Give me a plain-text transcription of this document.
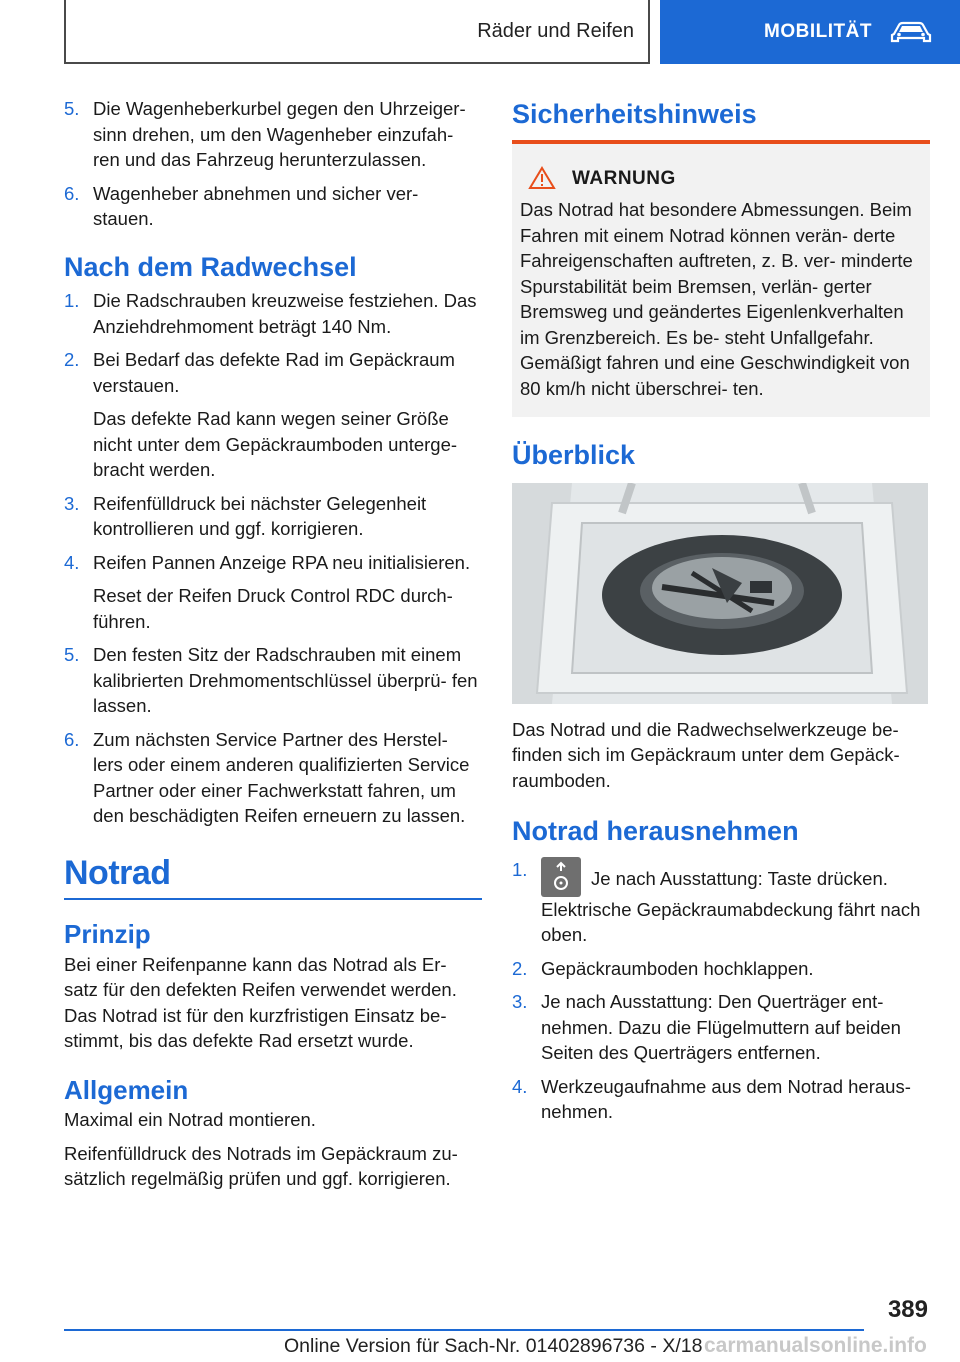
Räder und Reifen	MOBILITÄT
5. Die Wagenheberkurbel gegen den Uhrzeiger- sinn drehen, um den Wagenheber einzufah- ren und das Fahrzeug herunterzulassen.

6. Wagenheber abnehmen und sicher ver- stauen.

Nach dem Radwechsel
1. Die Radschrauben kreuzweise festziehen. Das Anziehdrehmoment beträgt 140 Nm.

2. Bei Bedarf das defekte Rad im Gepäckraum verstauen.

Das defekte Rad kann wegen seiner Größe nicht unter dem Gepäckraumboden unterge- bracht werden.

3. Reifenfülldruck bei nächster Gelegenheit kontrollieren und ggf. korrigieren.

4. Reifen Pannen Anzeige RPA neu initialisieren.

Reset der Reifen Druck Control RDC durch- führen.

5. Den festen Sitz der Radschrauben mit einem kalibrierten Drehmomentschlüssel überprü- fen lassen.

6. Zum nächsten Service Partner des Herstel- lers oder einem anderen qualifizierten Service Partner oder einer Fachwerkstatt fahren, um den beschädigten Reifen erneuern zu lassen.

Notrad
Prinzip

Bei einer Reifenpanne kann das Notrad als Er- satz für den defekten Reifen verwendet werden. Das Notrad ist für den kurzfristigen Einsatz be- stimmt, bis das defekte Rad ersetzt wurde.

Allgemein

Maximal ein Notrad montieren.

Reifenfülldruck des Notrads im Gepäckraum zu- sätzlich regelmäßig prüfen und ggf. korrigieren.

Sicherheitshinweis
WARNUNG

Das Notrad hat besondere Abmessungen. Beim Fahren mit einem Notrad können verän- derte Fahreigenschaften auftreten, z. B. ver- minderte Spurstabilität beim Bremsen, verlän- gerter Bremsweg und geändertes Eigenlenkverhalten im Grenzbereich. Es be- steht Unfallgefahr. Gemäßigt fahren und eine Geschwindigkeit von 80 km/h nicht überschrei- ten.

Überblick

Das Notrad und die Radwechselwerkzeuge be- finden sich im Gepäckraum unter dem Gepäck- raumboden.

Notrad herausnehmen
1.	Je nach Ausstattung: Taste drücken. Elektrische Gepäckraumabdeckung fährt nach oben.

2. Gepäckraumboden hochklappen.

3. Je nach Ausstattung: Den Querträger ent- nehmen. Dazu die Flügelmuttern auf beiden Seiten des Querträgers entfernen.

4. Werkzeugaufnahme aus dem Notrad heraus- nehmen.

389
Online Version für Sach-Nr. 01402896736 - X/18 carmanualsonline.info
